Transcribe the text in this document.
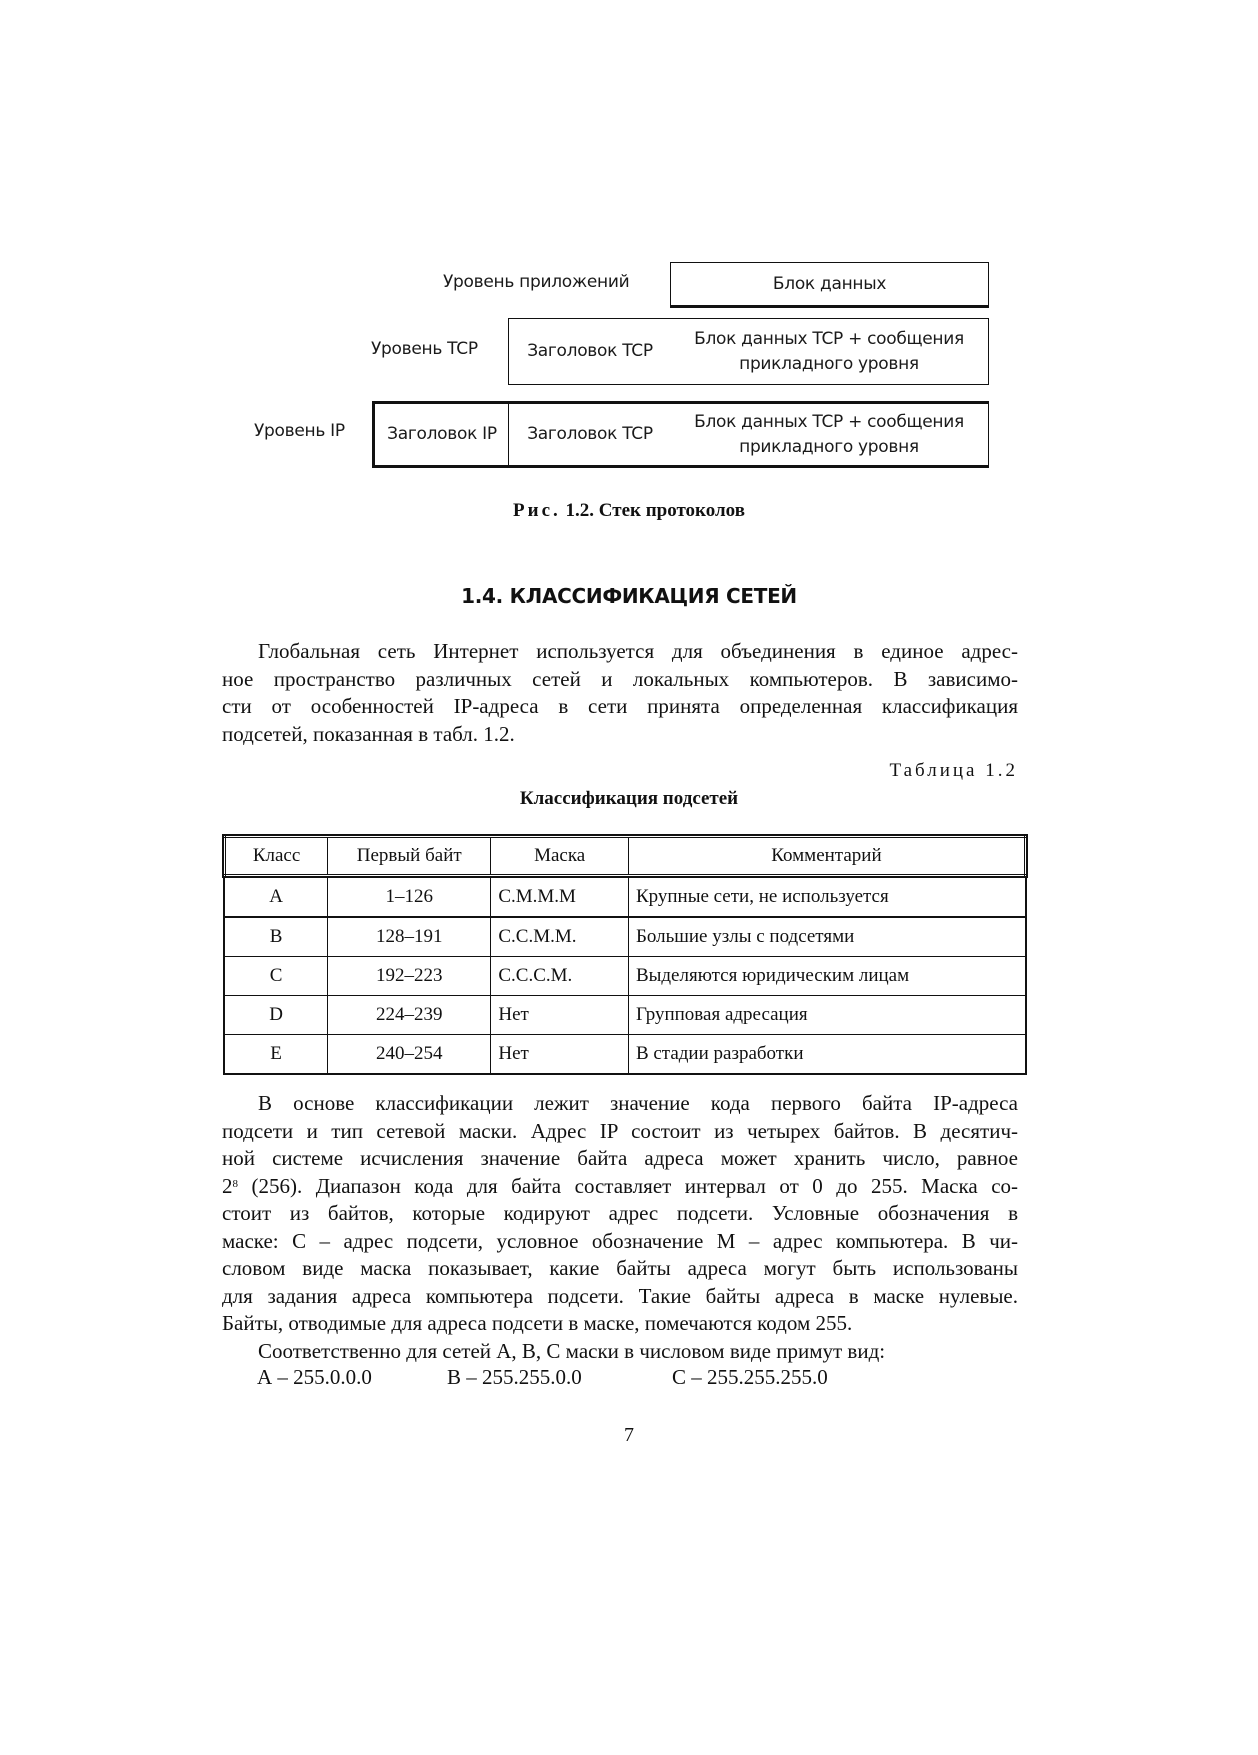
Уровень приложений	Блок данных
Уровень TCP	Заголовок TCP
Блок данных TCP + сообщения
прикладного уровня
Уровень IP Заголовок IP Заголовок TCP
Блок данных TCP + сообщения
прикладного уровня
Рис. 1.2. Стек протоколов
1.4. КЛАССИФИКАЦИЯ СЕТЕЙ
Глобальная сеть Интернет используется для объединения в единое адрес-
ное пространство различных сетей и локальных компьютеров. В зависимо-
сти от особенностей IP-адреса в сети принята определенная классификация
подсетей, показанная в табл. 1.2.
Таблица 1.2
Классификация подсетей
Класс	Первый байт	Маска	Комментарий
A	1–126	C.M.M.M	Крупные сети, не используется
B	128–191	C.C.M.M.	Большие узлы с подсетями
C	192–223	C.C.C.M.	Выделяются юридическим лицам
D	224–239	Нет	Групповая адресация
E	240–254	Нет	В стадии разработки
В основе классификации лежит значение кода первого байта IP-адреса
подсети и тип сетевой маски. Адрес IP состоит из четырех байтов. В десятич-
ной системе исчисления значение байта адреса может хранить число, равное
$2^8$ (256). Диапазон кода для байта составляет интервал от 0 до 255. Маска со-
стоит из байтов, которые кодируют адрес подсети. Условные обозначения в
маске: С – адрес подсети, условное обозначение М – адрес компьютера. В чи-
словом виде маска показывает, какие байты адреса могут быть использованы
для задания адреса компьютера подсети. Такие байты адреса в маске нулевые.
Байты, отводимые для адреса подсети в маске, помечаются кодом 255.
Соответственно для сетей А, В, С маски в числовом виде примут вид:
А – 255.0.0.0	В – 255.255.0.0	С – 255.255.255.0
7
